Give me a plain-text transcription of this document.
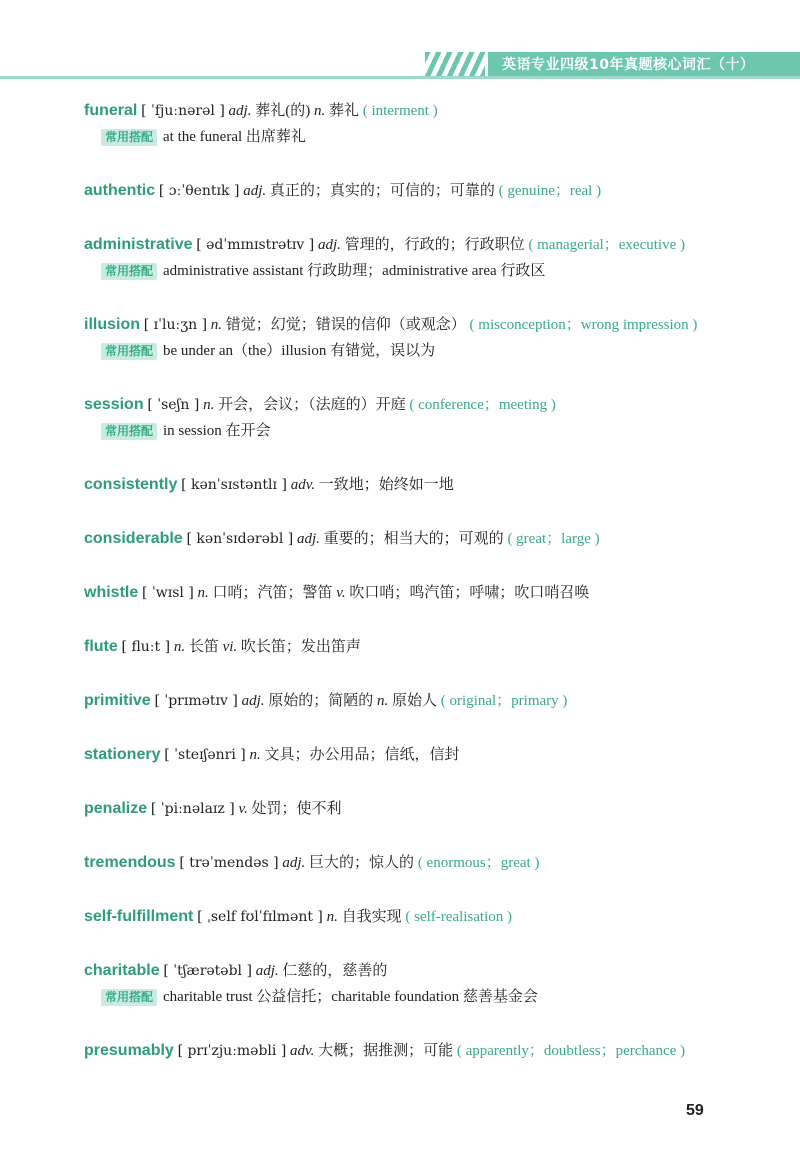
英语专业四级10年真题核心词汇（十）
funeral [ ˈfjuːnərəl ] adj. 葬礼(的) n. 葬礼 ( interment )
常用搭配 at the funeral 出席葬礼
authentic [ ɔːˈθentɪk ] adj. 真正的；真实的；可信的；可靠的 ( genuine；real )
administrative [ ədˈmɪnɪstrətɪv ] adj. 管理的，行政的；行政职位 ( managerial；executive )
常用搭配 administrative assistant 行政助理；administrative area 行政区
illusion [ ɪˈluːʒn ] n. 错觉；幻觉；错误的信仰（或观念） ( misconception；wrong impression )
常用搭配 be under an（the）illusion 有错觉，误以为
session [ ˈseʃn ] n. 开会，会议；（法庭的）开庭 ( conference；meeting )
常用搭配 in session 在开会
consistently [ kənˈsɪstəntlɪ ] adv. 一致地；始终如一地
considerable [ kənˈsɪdərəbl ] adj. 重要的；相当大的；可观的 ( great；large )
whistle [ ˈwɪsl ] n. 口哨；汽笛；警笛 v. 吹口哨；鸣汽笛；呼啸；吹口哨召唤
flute [ fluːt ] n. 长笛 vi. 吹长笛；发出笛声
primitive [ ˈprɪmətɪv ] adj. 原始的；简陋的 n. 原始人 ( original；primary )
stationery [ ˈsteɪʃənri ] n. 文具；办公用品；信纸，信封
penalize [ ˈpiːnəlaɪz ] v. 处罚；使不利
tremendous [ trəˈmendəs ] adj. 巨大的；惊人的 ( enormous；great )
self-fulfillment [ ˌself fʊlˈfɪlmənt ] n. 自我实现 ( self-realisation )
charitable [ ˈtʃærətəbl ] adj. 仁慈的，慈善的
常用搭配 charitable trust 公益信托；charitable foundation 慈善基金会
presumably [ prɪˈzjuːməbli ] adv. 大概；据推测；可能 ( apparently；doubtless；perchance )
59
